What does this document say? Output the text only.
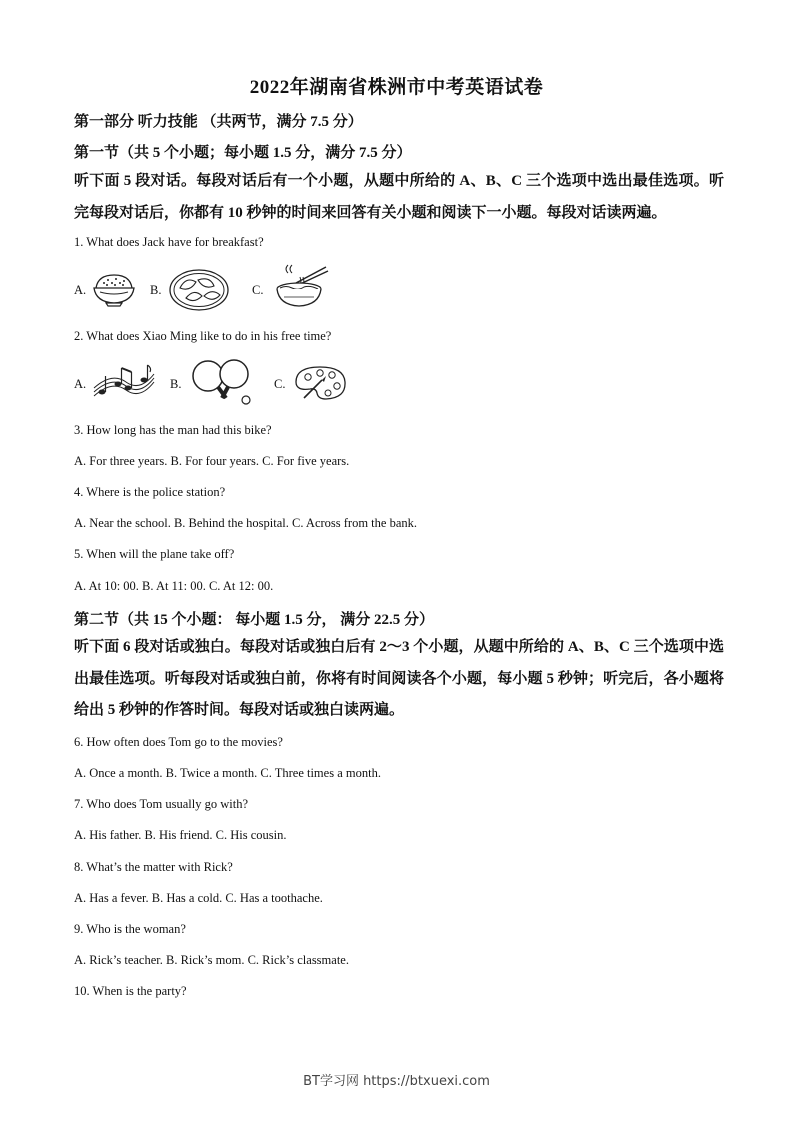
2022年湖南省株洲市中考英语试卷
第一部分 听力技能 （共两节，满分 7.5 分）
第一节（共 5 个小题；每小题 1.5 分，满分 7.5 分）
听下面 5 段对话。每段对话后有一个小题，从题中所给的 A、B、C 三个选项中选出最佳选项。听完每段对话后，你都有 10 秒钟的时间来回答有关小题和阅读下一小题。每段对话读两遍。
1. What does Jack have for breakfast?
A.	B.	C.
2. What does Xiao Ming like to do in his free time?
A.	B.	C.
3. How long has the man had this bike?
A. For three years. B. For four years. C. For five years.
4. Where is the police station?
A. Near the school. B. Behind the hospital. C. Across from the bank.
5. When will the plane take off?
A. At 10: 00. B. At 11: 00. C. At 12: 00.
第二节（共 15 个小题： 每小题 1.5 分， 满分 22.5 分）
听下面 6 段对话或独白。每段对话或独白后有 2～3 个小题，从题中所给的 A、B、C 三个选项中选出最佳选项。听每段对话或独白前，你将有时间阅读各个小题，每小题 5 秒钟；听完后，各小题将给出 5 秒钟的作答时间。每段对话或独白读两遍。
6. How often does Tom go to the movies?
A. Once a month. B. Twice a month. C. Three times a month.
7. Who does Tom usually go with?
A. His father. B. His friend. C. His cousin.
8. What’s the matter with Rick?
A. Has a fever. B. Has a cold. C. Has a toothache.
9. Who is the woman?
A. Rick’s teacher. B. Rick’s mom. C. Rick’s classmate.
10. When is the party?
BT学习网 https://btxuexi.com
